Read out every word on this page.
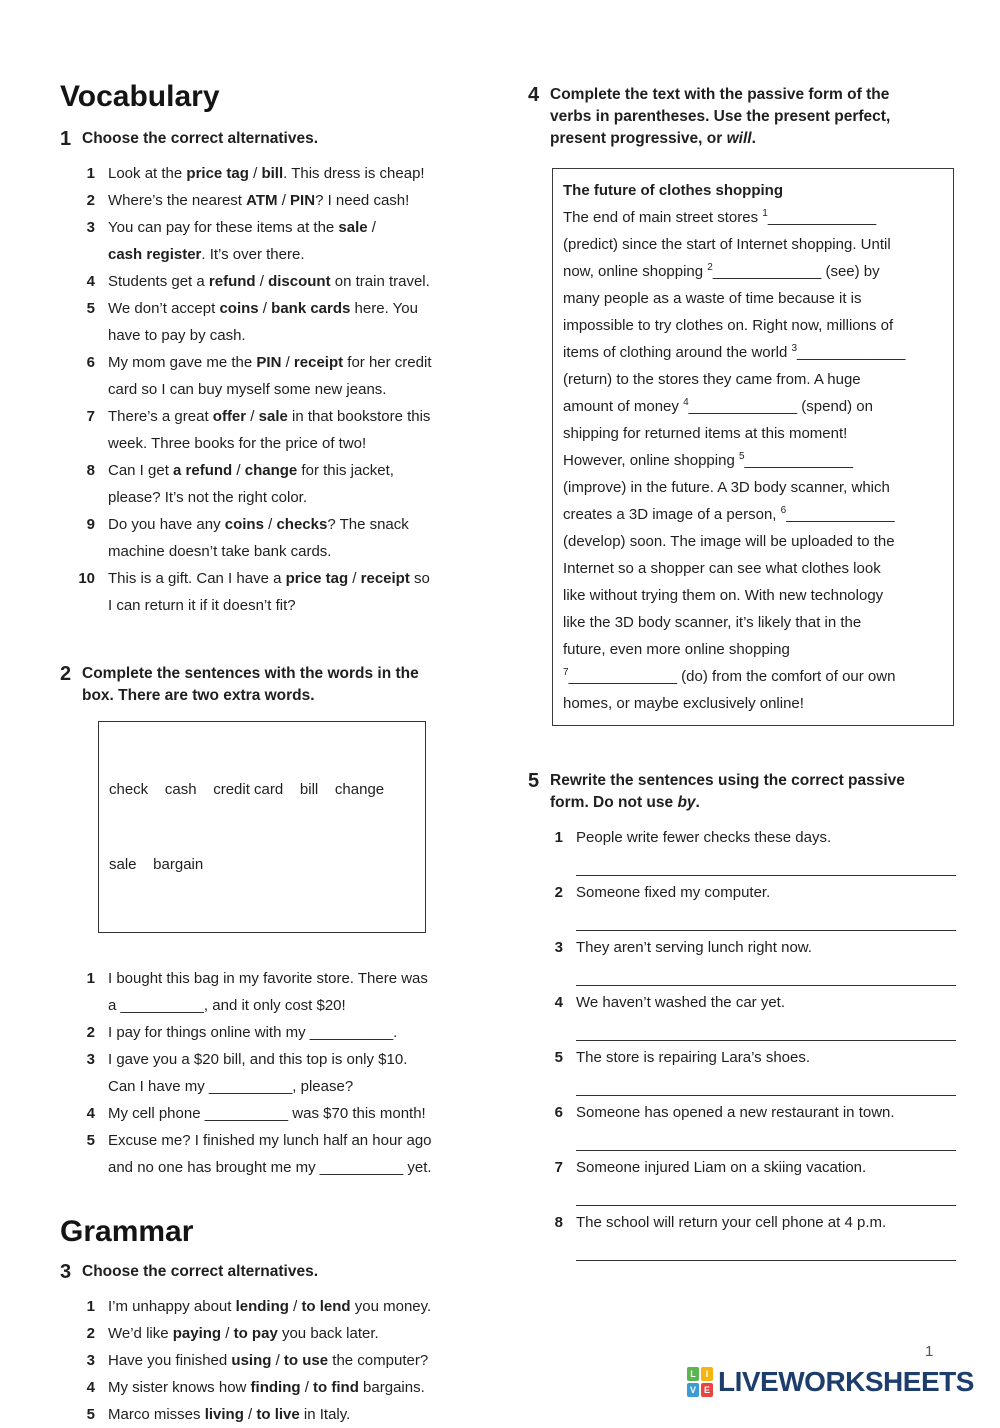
Vocabulary
1 Choose the correct alternatives.
1 Look at the price tag / bill. This dress is cheap!
2 Where’s the nearest ATM / PIN? I need cash!
3 You can pay for these items at the sale /
cash register. It’s over there.
4 Students get a refund / discount on train travel.
5 We don’t accept coins / bank cards here. You
have to pay by cash.
6 My mom gave me the PIN / receipt for her credit
card so I can buy myself some new jeans.
7 There’s a great offer / sale in that bookstore this
week. Three books for the price of two!
8 Can I get a refund / change for this jacket,
please? It’s not the right color.
9 Do you have any coins / checks? The snack
machine doesn’t take bank cards.
10 This is a gift. Can I have a price tag / receipt so
I can return it if it doesn’t fit?
2 Complete the sentences with the words in the
box. There are two extra words.

check    cash    credit card    bill    change

sale    bargain

1 I bought this bag in my favorite store. There was
a __________, and it only cost $20!
2 I pay for things online with my __________.
3 I gave you a $20 bill, and this top is only $10.
Can I have my __________, please?
4 My cell phone __________ was $70 this month!
5 Excuse me? I finished my lunch half an hour ago
and no one has brought me my __________ yet.
Grammar
3 Choose the correct alternatives.
1 I’m unhappy about lending / to lend you money.
2 We’d like paying / to pay you back later.
3 Have you finished using / to use the computer?
4 My sister knows how finding / to find bargains.
5 Marco misses living / to live in Italy.
4 Complete the text with the passive form of the
verbs in parentheses. Use the present perfect,
present progressive, or will.
The future of clothes shopping
The end of main street stores $^1$_____________
(predict) since the start of Internet shopping. Until
now, online shopping $^2$_____________ (see) by
many people as a waste of time because it is
impossible to try clothes on. Right now, millions of
items of clothing around the world $^3$_____________
(return) to the stores they came from. A huge
amount of money $^4$_____________ (spend) on
shipping for returned items at this moment!
However, online shopping $^5$_____________
(improve) in the future. A 3D body scanner, which
creates a 3D image of a person, $^6$_____________
(develop) soon. The image will be uploaded to the
Internet so a shopper can see what clothes look
like without trying them on. With new technology
like the 3D body scanner, it’s likely that in the
future, even more online shopping
$^7$_____________ (do) from the comfort of our own
homes, or maybe exclusively online!
5 Rewrite the sentences using the correct passive
form. Do not use by.
1 People write fewer checks these days.
2 Someone fixed my computer.
3 They aren’t serving lunch right now.
4 We haven’t washed the car yet.
5 The store is repairing Lara’s shoes.
6 Someone has opened a new restaurant in town.
7 Someone injured Liam on a skiing vacation.
8 The school will return your cell phone at 4 p.m.
1
L	I
V E LIVEWORKSHEETS
